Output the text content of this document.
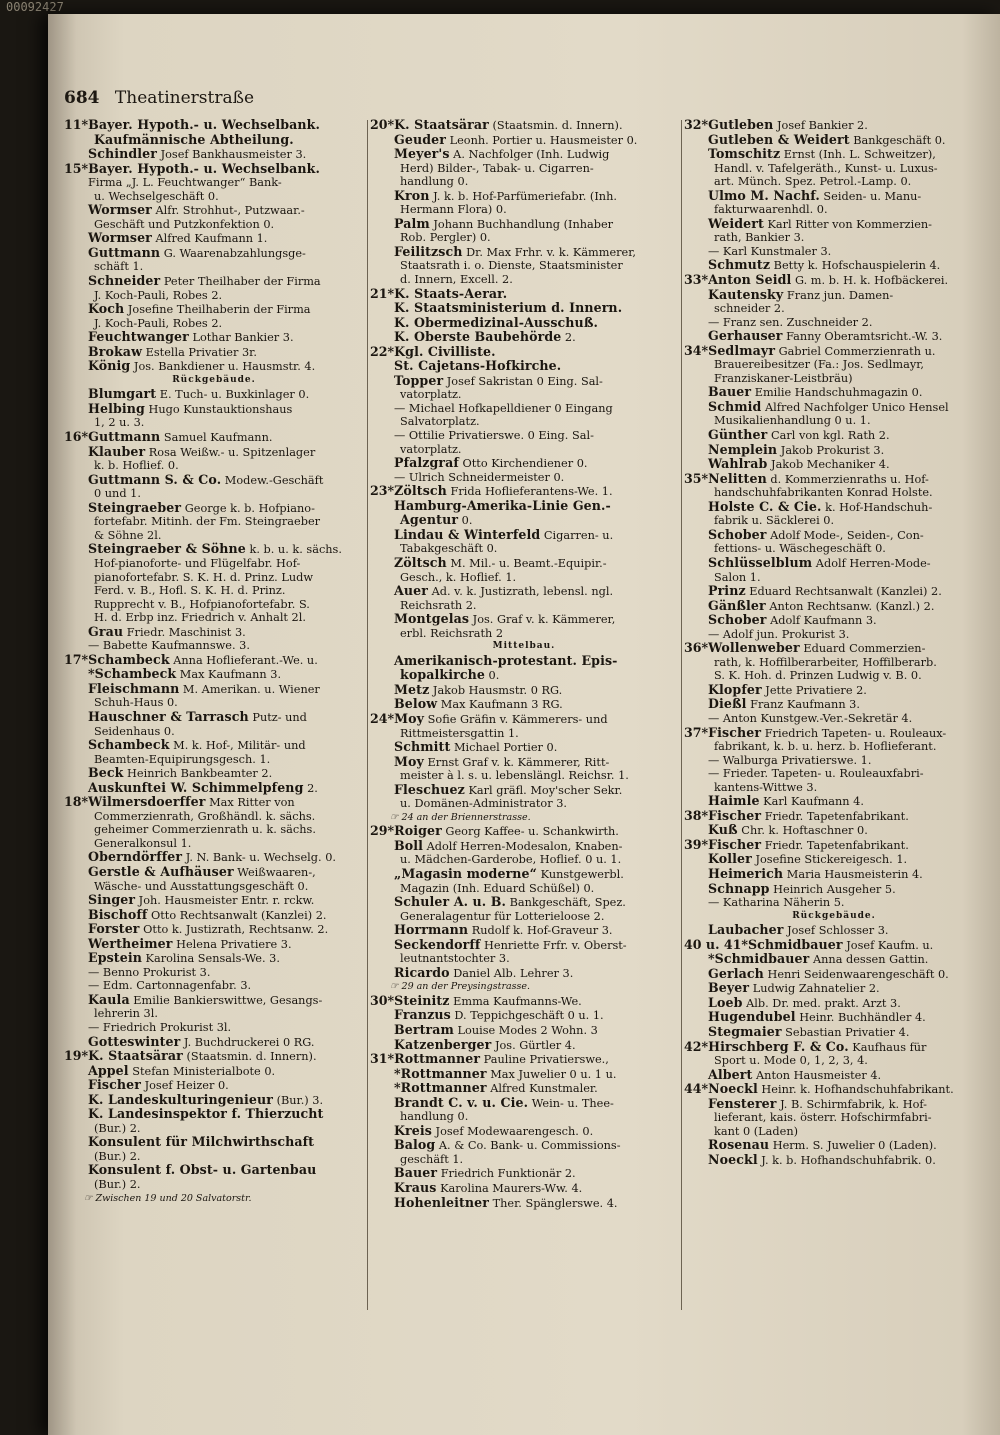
00092427
684 Theatinerstraße
11*Bayer. Hypoth.- u. Wechselbank.
Kaufmännische Abtheilung.
Schindler Josef Bankhausmeister 3.
15*Bayer. Hypoth.- u. Wechselbank.
Firma „J. L. Feuchtwanger“ Bank-
u. Wechselgeschäft 0.
Wormser Alfr. Strohhut-, Putzwaar.-
Geschäft und Putzkonfektion 0.
Wormser Alfred Kaufmann 1.
Guttmann G. Waarenabzahlungsge-
schäft 1.
Schneider Peter Theilhaber der Firma
J. Koch-Pauli, Robes 2.
Koch Josefine Theilhaberin der Firma
J. Koch-Pauli, Robes 2.
Feuchtwanger Lothar Bankier 3.
Brokaw Estella Privatier 3r.
König Jos. Bankdiener u. Hausmstr. 4.
Rückgebäude.
Blumgart E. Tuch- u. Buxkinlager 0.
Helbing Hugo Kunstauktionshaus
1, 2 u. 3.
16*Guttmann Samuel Kaufmann.
Klauber Rosa Weißw.- u. Spitzenlager
k. b. Hoflief. 0.
Guttmann S. & Co. Modew.-Geschäft
0 und 1.
Steingraeber George k. b. Hofpiano-
fortefabr. Mitinh. der Fm. Steingraeber
& Söhne 2l.
Steingraeber & Söhne k. b. u. k. sächs.
Hof-pianoforte- und Flügelfabr. Hof-
pianofortefabr. S. K. H. d. Prinz. Ludw
Ferd. v. B., Hofl. S. K. H. d. Prinz.
Rupprecht v. B., Hofpianofortefabr. S.
H. d. Erbp inz. Friedrich v. Anhalt 2l.
Grau Friedr. Maschinist 3.
— Babette Kaufmannswe. 3.
17*Schambeck Anna Hoflieferant.-We. u.
*Schambeck Max Kaufmann 3.
Fleischmann M. Amerikan. u. Wiener
Schuh-Haus 0.
Hauschner & Tarrasch Putz- und
Seidenhaus 0.
Schambeck M. k. Hof-, Militär- und
Beamten-Equipirungsgesch. 1.
Beck Heinrich Bankbeamter 2.
Auskunftei W. Schimmelpfeng 2.
18*Wilmersdoerffer Max Ritter von
Commerzienrath, Großhändl. k. sächs.
geheimer Commerzienrath u. k. sächs.
Generalkonsul 1.
Oberndörffer J. N. Bank- u. Wechselg. 0.
Gerstle & Aufhäuser Weißwaaren-,
Wäsche- und Ausstattungsgeschäft 0.
Singer Joh. Hausmeister Entr. r. rckw.
Bischoff Otto Rechtsanwalt (Kanzlei) 2.
Forster Otto k. Justizrath, Rechtsanw. 2.
Wertheimer Helena Privatiere 3.
Epstein Karolina Sensals-We. 3.
— Benno Prokurist 3.
— Edm. Cartonnagenfabr. 3.
Kaula Emilie Bankierswittwe, Gesangs-
lehrerin 3l.
— Friedrich Prokurist 3l.
Gotteswinter J. Buchdruckerei 0 RG.
19*K. Staatsärar (Staatsmin. d. Innern).
Appel Stefan Ministerialbote 0.
Fischer Josef Heizer 0.
K. Landeskulturingenieur (Bur.) 3.
K. Landesinspektor f. Thierzucht
(Bur.) 2.
Konsulent für Milchwirthschaft
(Bur.) 2.
Konsulent f. Obst- u. Gartenbau
(Bur.) 2.
☞ Zwischen 19 und 20 Salvatorstr.
20*K. Staatsärar (Staatsmin. d. Innern).
Geuder Leonh. Portier u. Hausmeister 0.
Meyer's A. Nachfolger (Inh. Ludwig
Herd) Bilder-, Tabak- u. Cigarren-
handlung 0.
Kron J. k. b. Hof-Parfümeriefabr. (Inh.
Hermann Flora) 0.
Palm Johann Buchhandlung (Inhaber
Rob. Pergler) 0.
Feilitzsch Dr. Max Frhr. v. k. Kämmerer,
Staatsrath i. o. Dienste, Staatsminister
d. Innern, Excell. 2.
21*K. Staats-Aerar.
K. Staatsministerium d. Innern.
K. Obermedizinal-Ausschuß.
K. Oberste Baubehörde 2.
22*Kgl. Civilliste.
St. Cajetans-Hofkirche.
Topper Josef Sakristan 0 Eing. Sal-
vatorplatz.
— Michael Hofkapelldiener 0 Eingang
Salvatorplatz.
— Ottilie Privatierswe. 0 Eing. Sal-
vatorplatz.
Pfalzgraf Otto Kirchendiener 0.
— Ulrich Schneidermeister 0.
23*Zöltsch Frida Hoflieferantens-We. 1.
Hamburg-Amerika-Linie Gen.-
Agentur 0.
Lindau & Winterfeld Cigarren- u.
Tabakgeschäft 0.
Zöltsch M. Mil.- u. Beamt.-Equipir.-
Gesch., k. Hoflief. 1.
Auer Ad. v. k. Justizrath, lebensl. ngl.
Reichsrath 2.
Montgelas Jos. Graf v. k. Kämmerer,
erbl. Reichsrath 2
Mittelbau.
Amerikanisch-protestant. Epis-
kopalkirche 0.
Metz Jakob Hausmstr. 0 RG.
Below Max Kaufmann 3 RG.
24*Moy Sofie Gräfin v. Kämmerers- und
Rittmeistersgattin 1.
Schmitt Michael Portier 0.
Moy Ernst Graf v. k. Kämmerer, Ritt-
meister à l. s. u. lebenslängl. Reichsr. 1.
Fleschuez Karl gräfl. Moy'scher Sekr.
u. Domänen-Administrator 3.
☞ 24 an der Briennerstrasse.
29*Roiger Georg Kaffee- u. Schankwirth.
Boll Adolf Herren-Modesalon, Knaben-
u. Mädchen-Garderobe, Hoflief. 0 u. 1.
„Magasin moderne“ Kunstgewerbl.
Magazin (Inh. Eduard Schüßel) 0.
Schuler A. u. B. Bankgeschäft, Spez.
Generalagentur für Lotterieloose 2.
Horrmann Rudolf k. Hof-Graveur 3.
Seckendorff Henriette Frfr. v. Oberst-
leutnantstochter 3.
Ricardo Daniel Alb. Lehrer 3.
☞ 29 an der Preysingstrasse.
30*Steinitz Emma Kaufmanns-We.
Franzus D. Teppichgeschäft 0 u. 1.
Bertram Louise Modes 2 Wohn. 3
Katzenberger Jos. Gürtler 4.
31*Rottmanner Pauline Privatierswe.,
*Rottmanner Max Juwelier 0 u. 1 u.
*Rottmanner Alfred Kunstmaler.
Brandt C. v. u. Cie. Wein- u. Thee-
handlung 0.
Kreis Josef Modewaarengesch. 0.
Balog A. & Co. Bank- u. Commissions-
geschäft 1.
Bauer Friedrich Funktionär 2.
Kraus Karolina Maurers-Ww. 4.
Hohenleitner Ther. Spänglerswe. 4.
32*Gutleben Josef Bankier 2.
Gutleben & Weidert Bankgeschäft 0.
Tomschitz Ernst (Inh. L. Schweitzer),
Handl. v. Tafelgeräth., Kunst- u. Luxus-
art. Münch. Spez. Petrol.-Lamp. 0.
Ulmo M. Nachf. Seiden- u. Manu-
fakturwaarenhdl. 0.
Weidert Karl Ritter von Kommerzien-
rath, Bankier 3.
— Karl Kunstmaler 3.
Schmutz Betty k. Hofschauspielerin 4.
33*Anton Seidl G. m. b. H. k. Hofbäckerei.
Kautensky Franz jun. Damen-
schneider 2.
— Franz sen. Zuschneider 2.
Gerhauser Fanny Oberamtsricht.-W. 3.
34*Sedlmayr Gabriel Commerzienrath u.
Brauereibesitzer (Fa.: Jos. Sedlmayr,
Franziskaner-Leistbräu)
Bauer Emilie Handschuhmagazin 0.
Schmid Alfred Nachfolger Unico Hensel
Musikalienhandlung 0 u. 1.
Günther Carl von kgl. Rath 2.
Nemplein Jakob Prokurist 3.
Wahlrab Jakob Mechaniker 4.
35*Nelitten d. Kommerzienraths u. Hof-
handschuhfabrikanten Konrad Holste.
Holste C. & Cie. k. Hof-Handschuh-
fabrik u. Säcklerei 0.
Schober Adolf Mode-, Seiden-, Con-
fettions- u. Wäschegeschäft 0.
Schlüsselblum Adolf Herren-Mode-
Salon 1.
Prinz Eduard Rechtsanwalt (Kanzlei) 2.
Gänßler Anton Rechtsanw. (Kanzl.) 2.
Schober Adolf Kaufmann 3.
— Adolf jun. Prokurist 3.
36*Wollenweber Eduard Commerzien-
rath, k. Hoffilberarbeiter, Hoffilberarb.
S. K. Hoh. d. Prinzen Ludwig v. B. 0.
Klopfer Jette Privatiere 2.
Dießl Franz Kaufmann 3.
— Anton Kunstgew.-Ver.-Sekretär 4.
37*Fischer Friedrich Tapeten- u. Rouleaux-
fabrikant, k. b. u. herz. b. Hoflieferant.
— Walburga Privatierswe. 1.
— Frieder. Tapeten- u. Rouleauxfabri-
kantens-Wittwe 3.
Haimle Karl Kaufmann 4.
38*Fischer Friedr. Tapetenfabrikant.
Kuß Chr. k. Hoftaschner 0.
39*Fischer Friedr. Tapetenfabrikant.
Koller Josefine Stickereigesch. 1.
Heimerich Maria Hausmeisterin 4.
Schnapp Heinrich Ausgeher 5.
— Katharina Näherin 5.
Rückgebäude.
Laubacher Josef Schlosser 3.
40 u. 41*Schmidbauer Josef Kaufm. u.
*Schmidbauer Anna dessen Gattin.
Gerlach Henri Seidenwaarengeschäft 0.
Beyer Ludwig Zahnatelier 2.
Loeb Alb. Dr. med. prakt. Arzt 3.
Hugendubel Heinr. Buchhändler 4.
Stegmaier Sebastian Privatier 4.
42*Hirschberg F. & Co. Kaufhaus für
Sport u. Mode 0, 1, 2, 3, 4.
Albert Anton Hausmeister 4.
44*Noeckl Heinr. k. Hofhandschuhfabrikant.
Fensterer J. B. Schirmfabrik, k. Hof-
lieferant, kais. österr. Hofschirmfabri-
kant 0 (Laden)
Rosenau Herm. S. Juwelier 0 (Laden).
Noeckl J. k. b. Hofhandschuhfabrik. 0.
